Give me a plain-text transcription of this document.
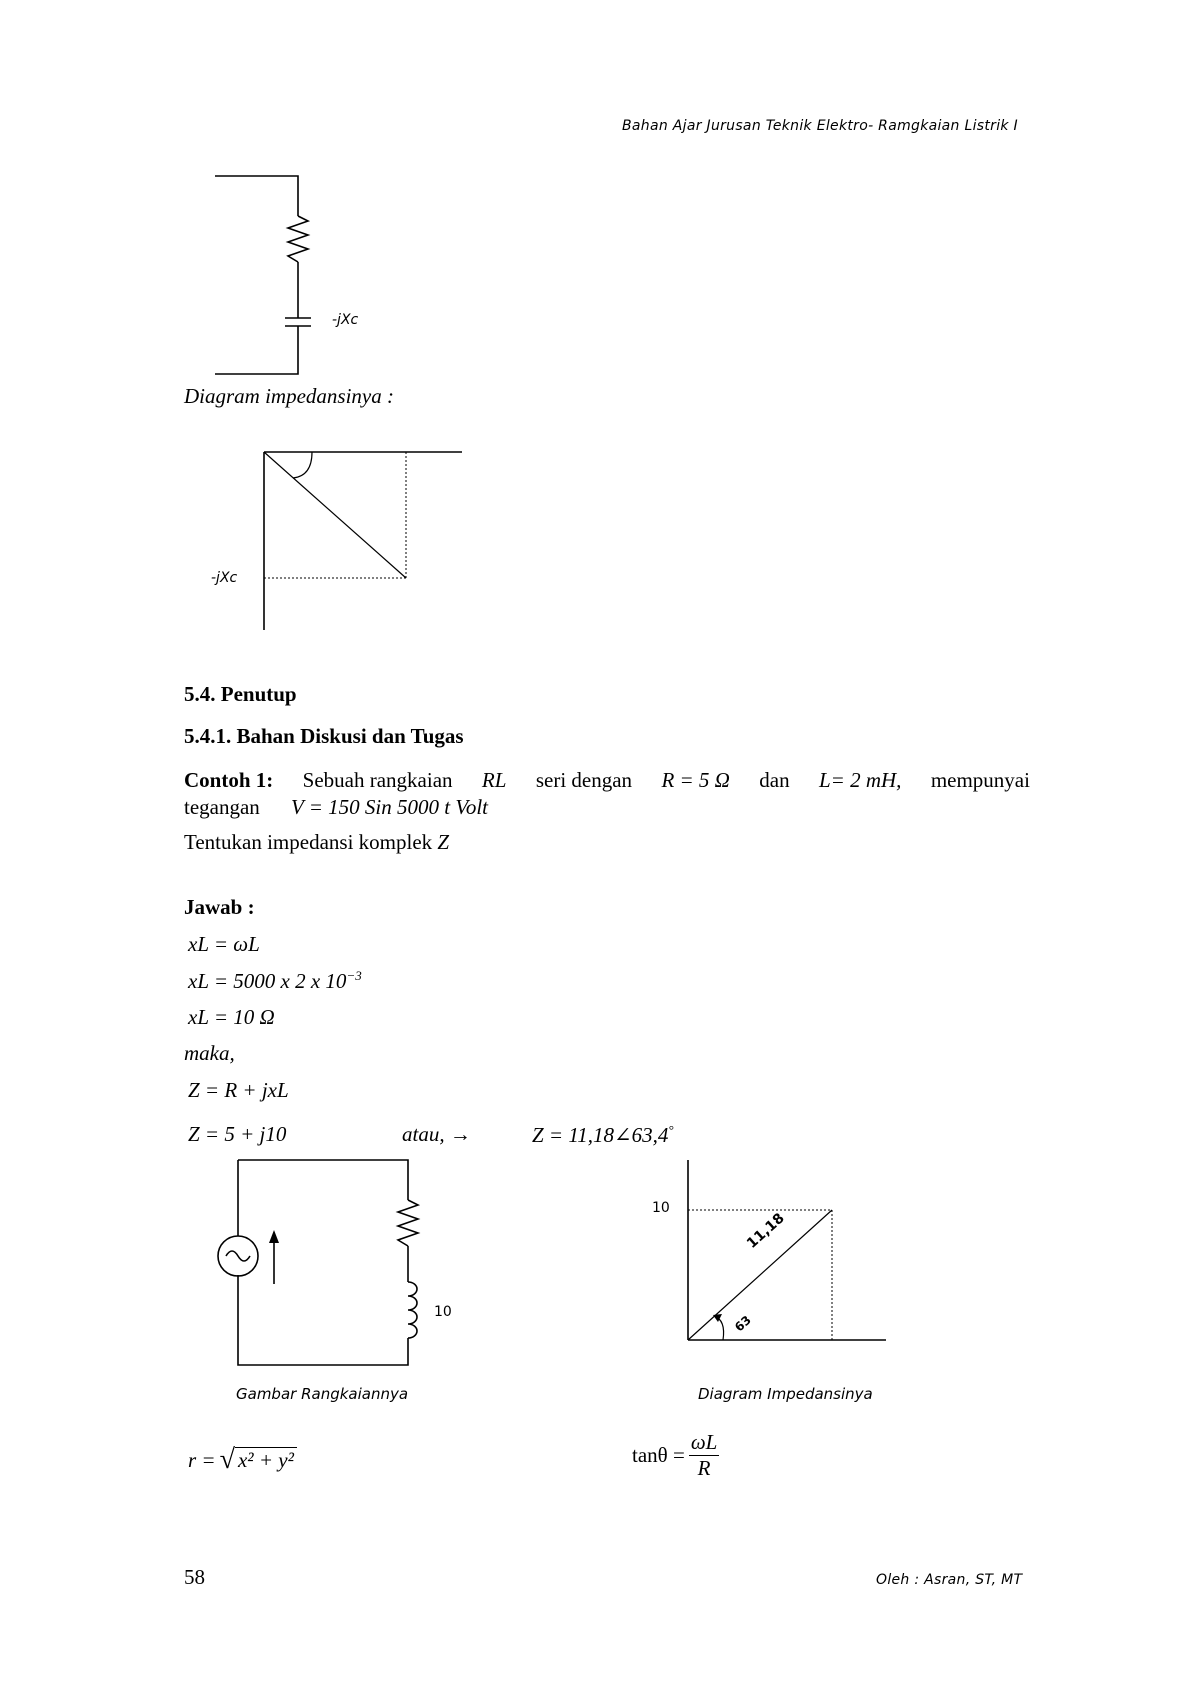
Bahan Ajar Jurusan Teknik Elektro- Ramgkaian Listrik I
-jXc
Diagram impedansinya :
-jXc
5.4. Penutup
5.4.1. Bahan Diskusi dan Tugas
Contoh 1: Sebuah rangkaian RL seri dengan R = 5 Ω dan L= 2 mH, mempunyai
tegangan V = 150 Sin 5000 t Volt
Tentukan impedansi komplek Z
Jawab :
xL = ωL
xL = 5000 x 2 x $10^{-3}$
xL = 10 Ω
maka,
Z = R + jxL
Z = 5 + j10	atau, →	Z = 11,18∠63,4°
10
10
11,18
63
Gambar Rangkaiannya	Diagram Impedansinya
r = √ x² + y²	$\tan\theta = \frac{\omega L}{R}$
58	Oleh : Asran, ST, MT
